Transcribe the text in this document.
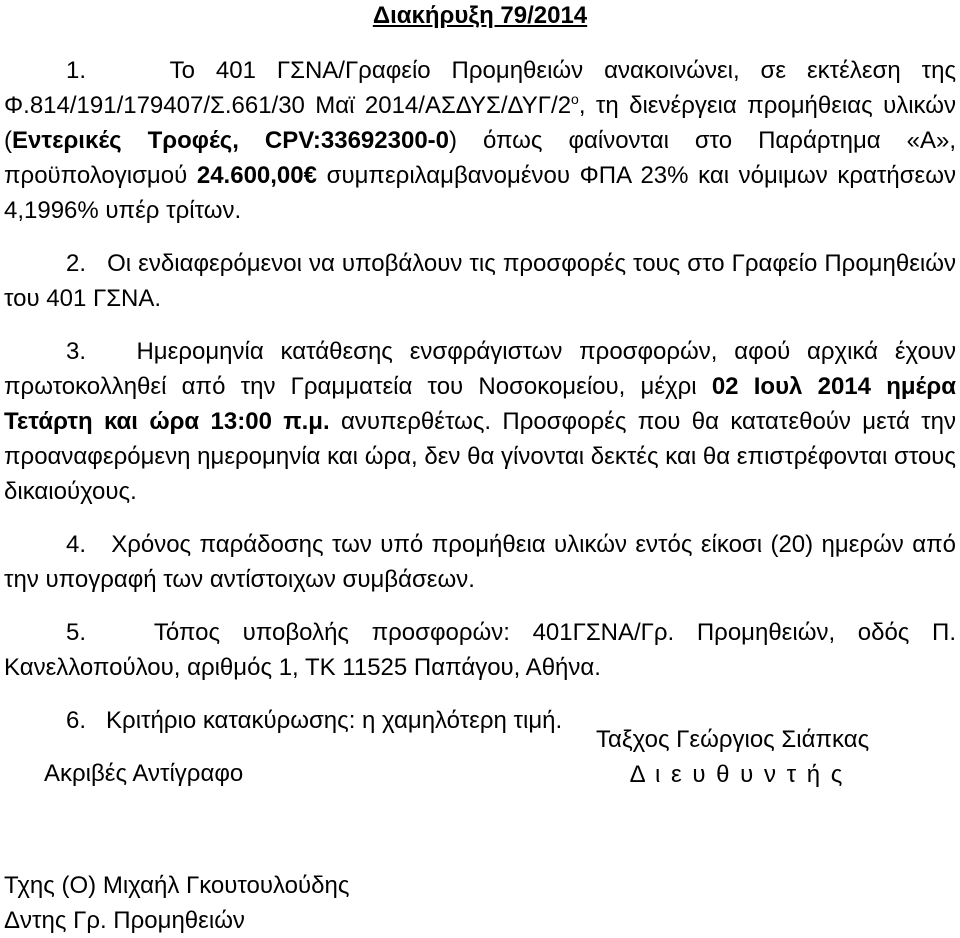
Διακήρυξη 79/2014

1.	Το 401 ΓΣΝΑ/Γραφείο Προμηθειών ανακοινώνει, σε εκτέλεση της Φ.814/191/179407/Σ.661/30 Μαϊ $2014/A\Sigma\Delta\Upsilon\Sigma/\Delta\Upsilon\Gamma/2^o$, τη διενέργεια προμήθειας υλικών (Εντερικές Τροφές, CPV:33692300-0) όπως φαίνονται στο Παράρτημα «Α», προϋπολογισμού 24.600,00€ συμπεριλαμβανομένου ΦΠΑ 23% και νόμιμων κρατήσεων 4,1996% υπέρ τρίτων.

2. Οι ενδιαφερόμενοι να υποβάλουν τις προσφορές τους στο Γραφείο Προμηθειών του 401 ΓΣΝΑ.

3. Ημερομηνία κατάθεσης ενσφράγιστων προσφορών, αφού αρχικά έχουν πρωτοκολληθεί από την Γραμματεία του Νοσοκομείου, μέχρι 02 Ιουλ 2014 ημέρα Τετάρτη και ώρα 13:00 π.μ. ανυπερθέτως. Προσφορές που θα κατατεθούν μετά την προαναφερόμενη ημερομηνία και ώρα, δεν θα γίνονται δεκτές και θα επιστρέφονται στους δικαιούχους.

4. Χρόνος παράδοσης των υπό προμήθεια υλικών εντός είκοσι (20) ημερών από την υπογραφή των αντίστοιχων συμβάσεων.

5.	Τόπος υποβολής προσφορών: 401ΓΣΝΑ/Γρ. Προμηθειών, οδός Π. Κανελλοπούλου, αριθμός 1, ΤΚ 11525 Παπάγου, Αθήνα.

6. Κριτήριο κατακύρωσης: η χαμηλότερη τιμή.

Ακριβές Αντίγραφο
Ταξχος Γεώργιος Σιάπκας
Δ ι ε υ θ υ ν τ ή ς
Τχης (Ο) Μιχαήλ Γκουτουλούδης
Δντης Γρ. Προμηθειών
